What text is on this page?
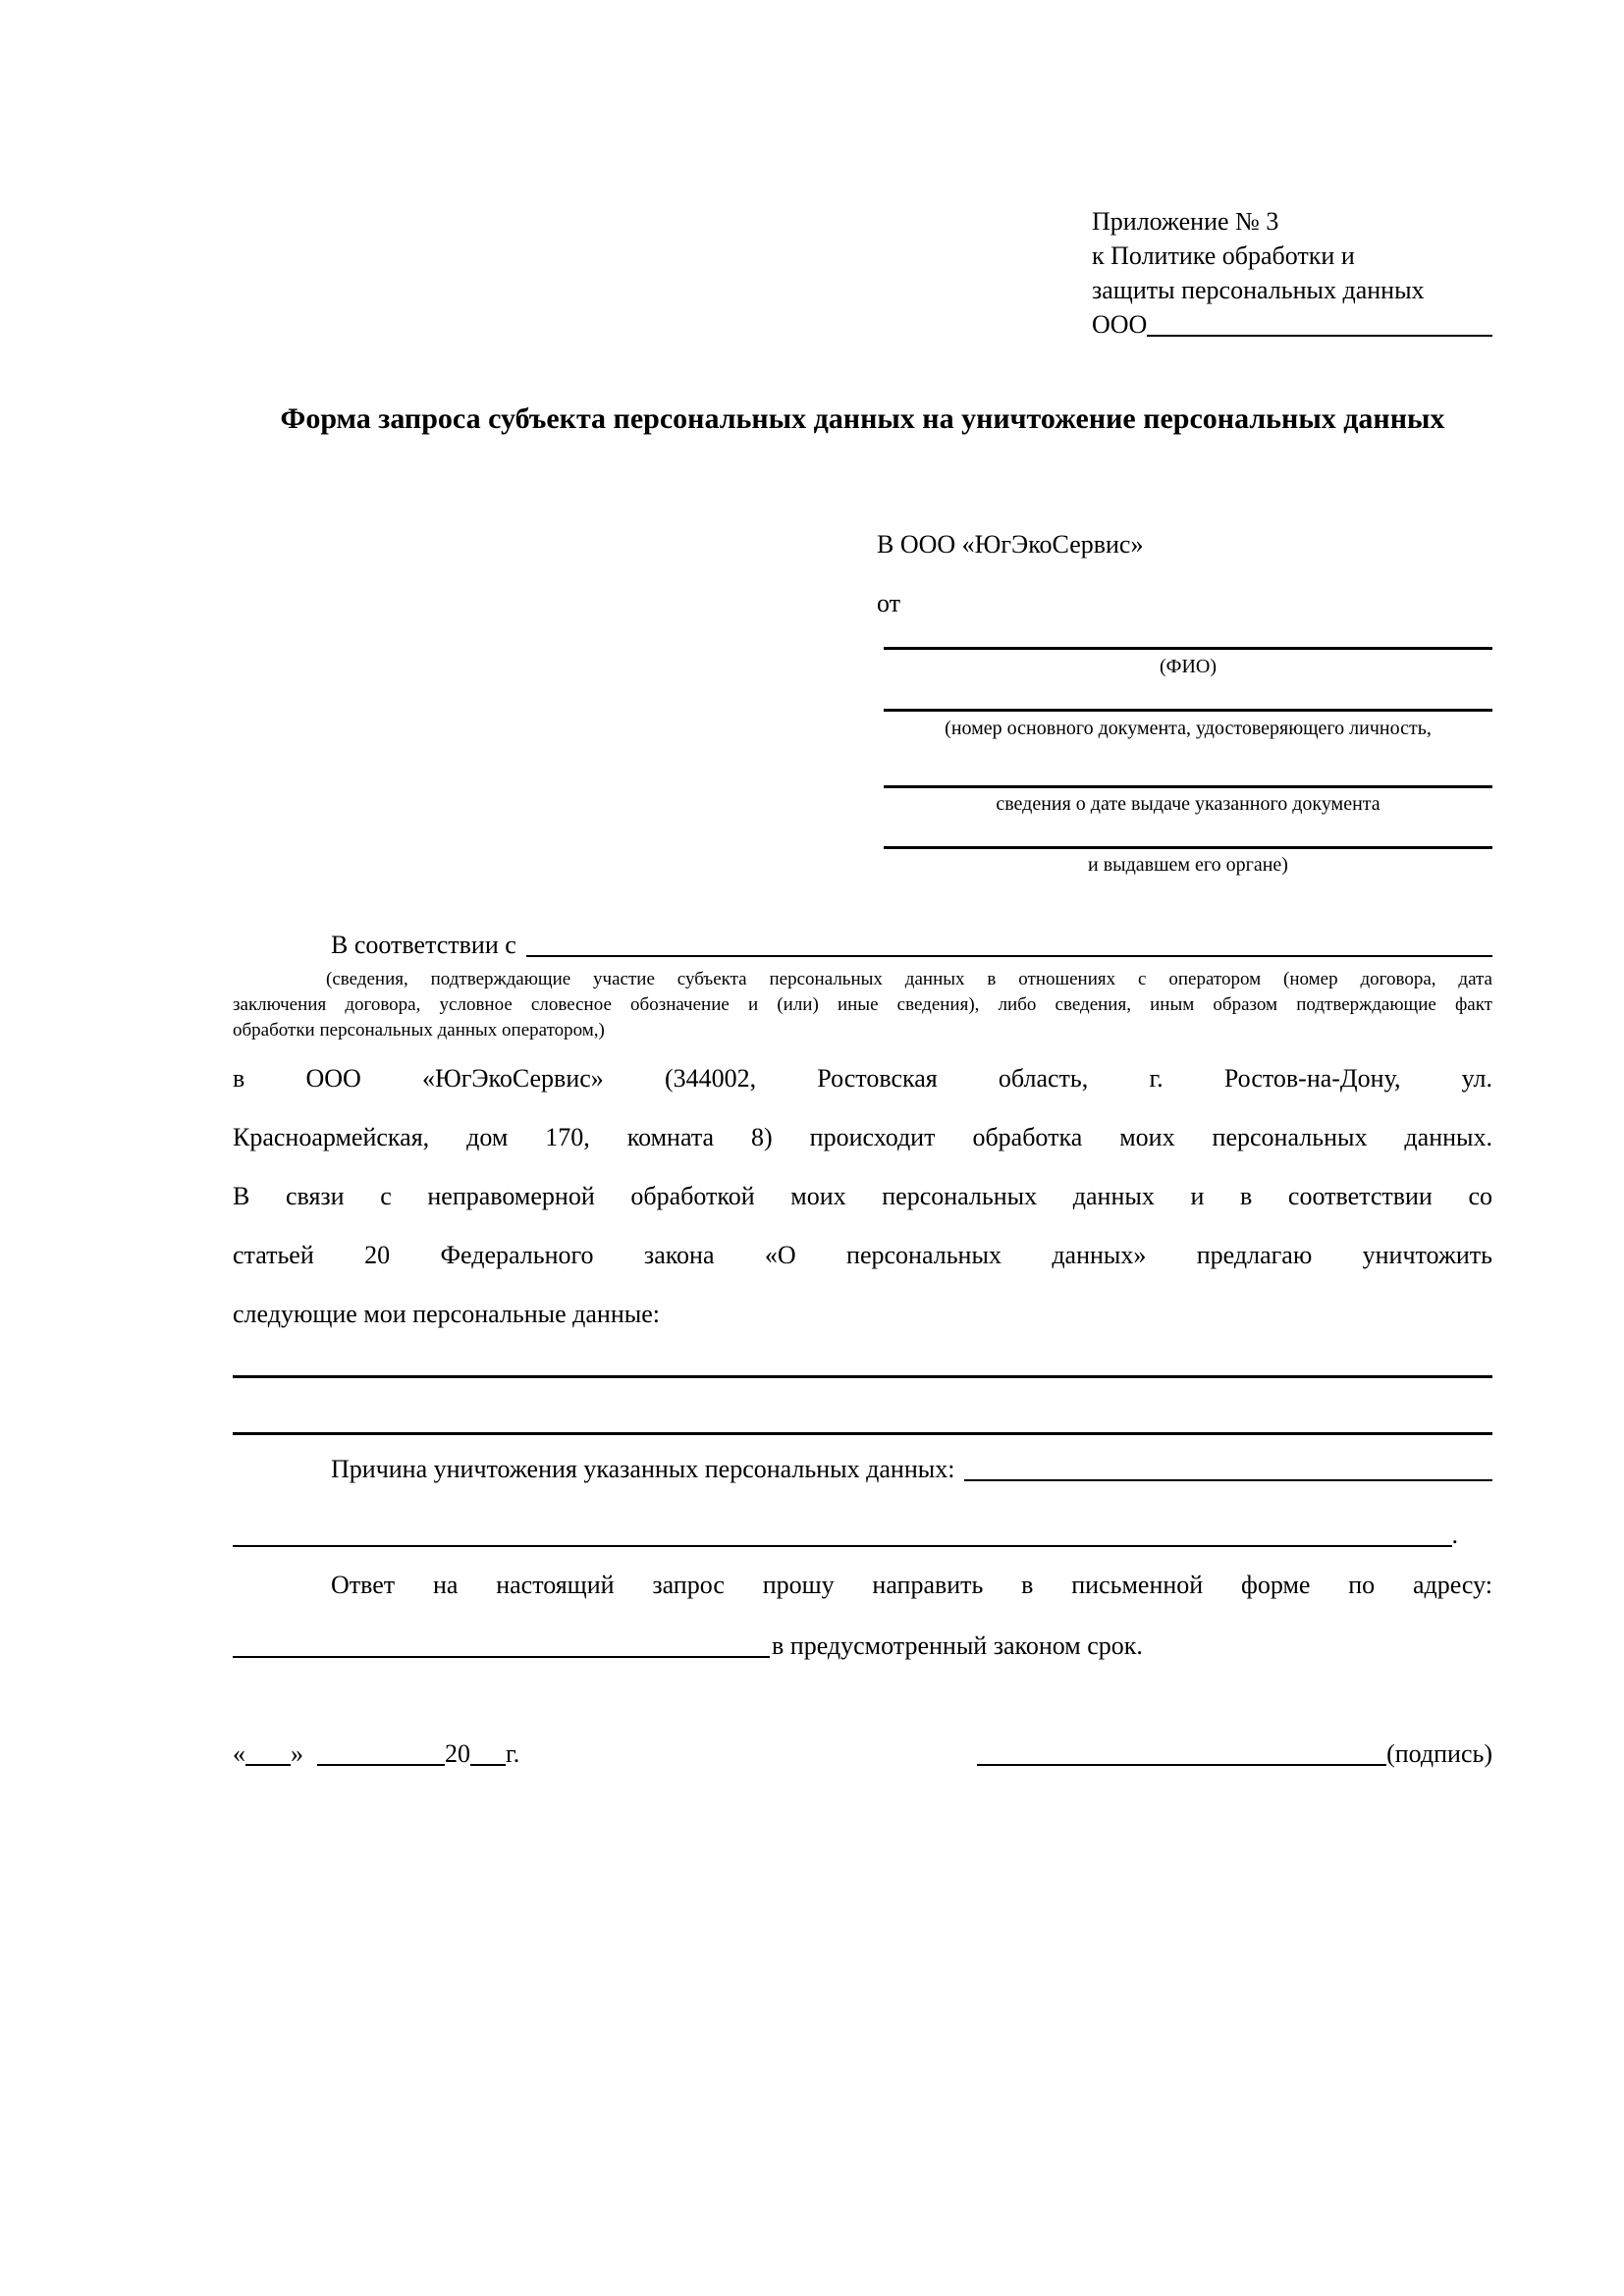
Приложение № 3
к Политике обработки и
защиты персональных данных
ООО
Форма запроса субъекта персональных данных на уничтожение персональных данных
В ООО «ЮгЭкоСервис»
от
(ФИО)
(номер основного документа, удостоверяющего личность,
сведения о дате выдаче указанного документа
и выдавшем его органе)
В соответствии с
(сведения, подтверждающие участие субъекта персональных данных в отношениях с оператором (номер договора, дата
заключения договора, условное словесное обозначение и (или) иные сведения), либо сведения, иным образом подтверждающие факт
обработки персональных данных оператором,)
в ООО «ЮгЭкоСервис» (344002, Ростовская область, г. Ростов-на-Дону, ул.
Красноармейская, дом 170, комната 8) происходит обработка моих персональных данных.
В связи с неправомерной обработкой моих персональных данных и в соответствии со
статьей 20 Федерального закона «О персональных данных» предлагаю уничтожить
следующие мои персональные данные:
Причина уничтожения указанных персональных данных:
.
Ответ на настоящий запрос прошу направить в письменной форме по адресу:
в предусмотренный законом срок.
« »	20 г.	(подпись)
